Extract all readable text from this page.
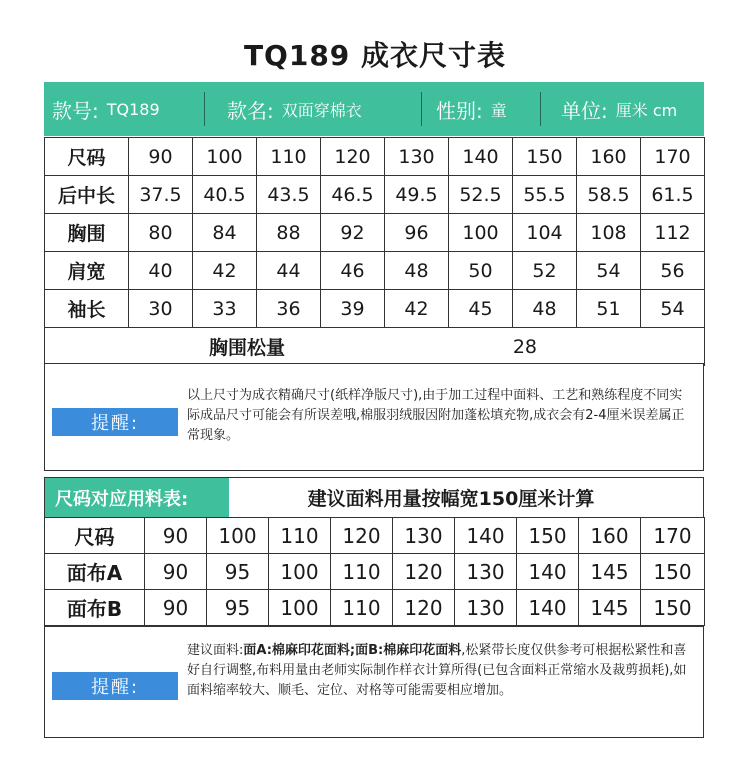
TQ189 成衣尺寸表
款号: TQ189	款名: 双面穿棉衣	性别: 童	单位: 厘米 cm
尺码	90	100	110	120	130	140	150	160	170
后中长	37.5	40.5	43.5	46.5	49.5	52.5	55.5	58.5	61.5
胸围	80	84	88	92	96	100	104	108	112
肩宽	40	42	44	46	48	50	52	54	56
袖长	30	33	36	39	42	45	48	51	54

胸围松量 28									
提醒:
以上尺寸为成衣精确尺寸(纸样净版尺寸),由于加工过程中面料、工艺和熟练程度不同实际成品尺寸可能会有所误差哦,棉服羽绒服因附加蓬松填充物,成衣会有2-4厘米误差属正常现象。
尺码对应用料表:	建议面料用量按幅宽150厘米计算
尺码	90	100	110	120	130	140	150	160	170
面布A	90	95	100	110	120	130	140	145	150
面布B	90	95	100	110	120	130	140	145	150
提醒:
建议面料:面A:棉麻印花面料;面B:棉麻印花面料,松紧带长度仅供参考可根据松紧性和喜好自行调整,布料用量由老师实际制作样衣计算所得(已包含面料正常缩水及裁剪损耗),如面料缩率较大、顺毛、定位、对格等可能需要相应增加。
